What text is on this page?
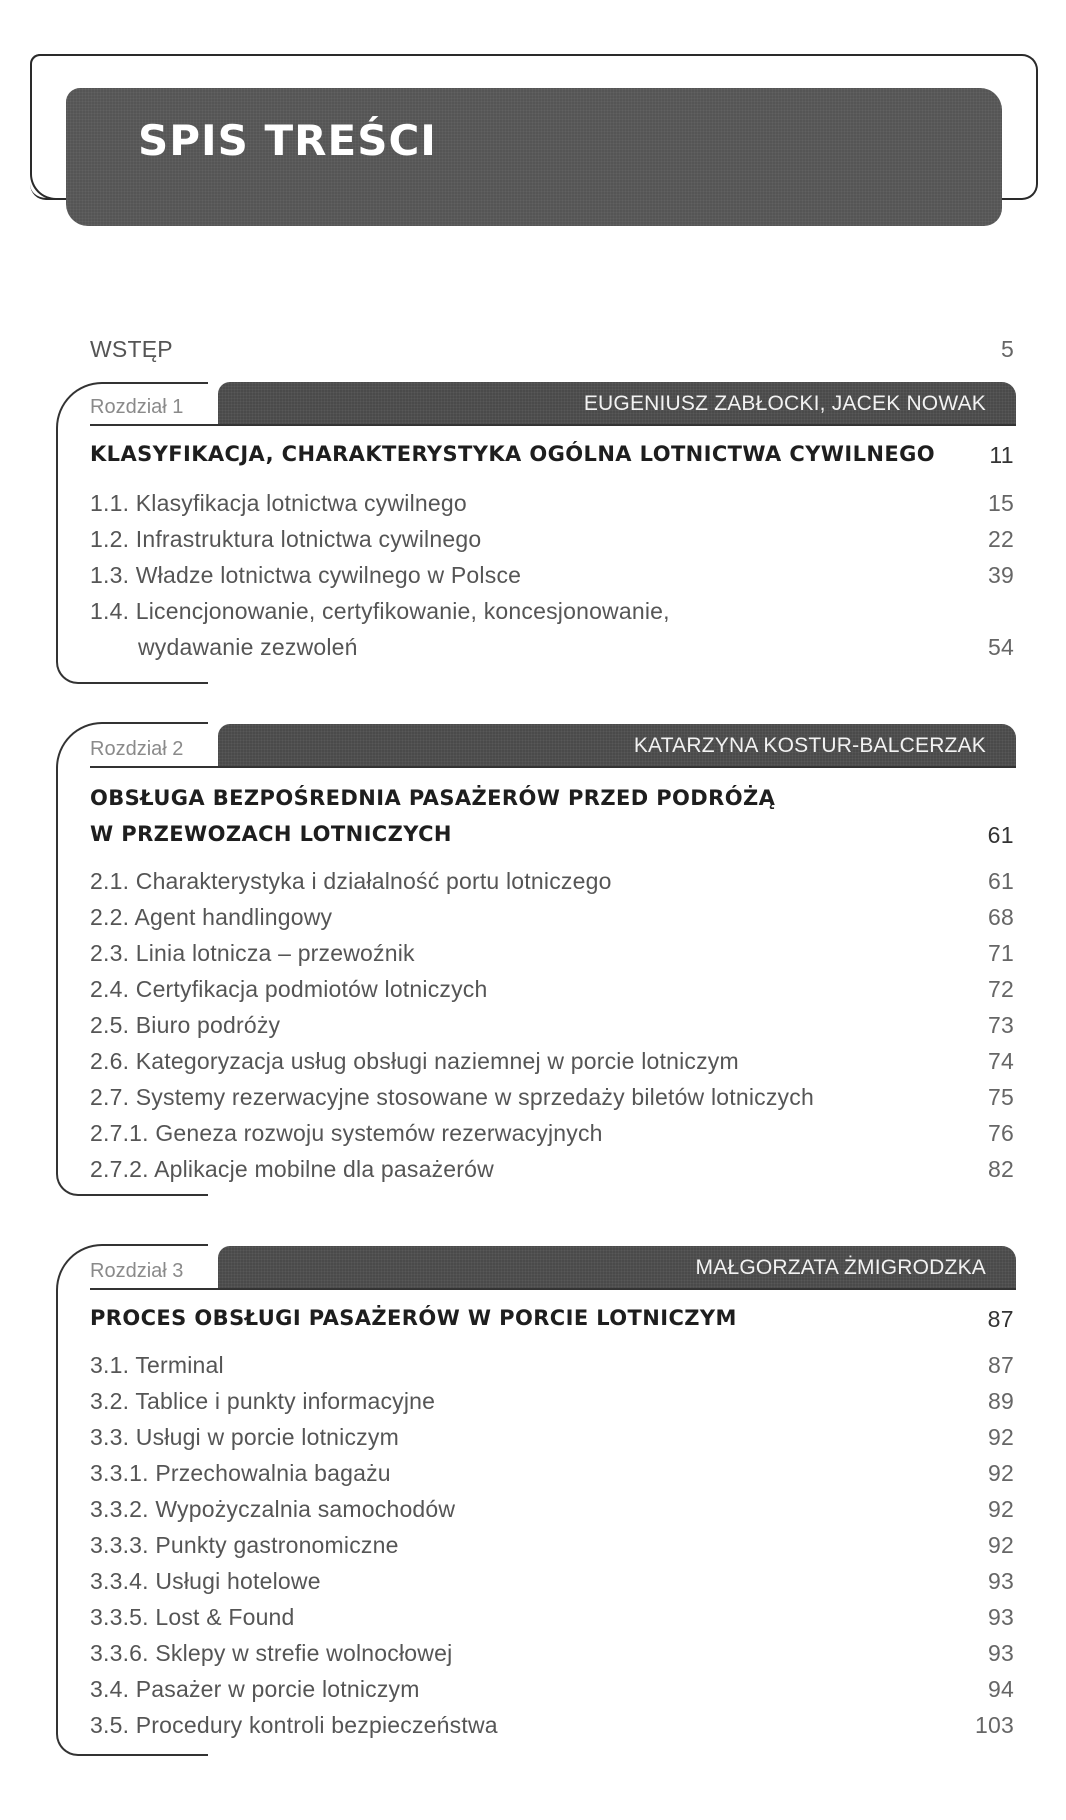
SPIS TREŚCI
WSTĘP	5
Rozdział 1	EUGENIUSZ ZABŁOCKI, JACEK NOWAK
KLASYFIKACJA, CHARAKTERYSTYKA OGÓLNA LOTNICTWA CYWILNEGO 11
1.1. Klasyfikacja lotnictwa cywilnego	15
1.2. Infrastruktura lotnictwa cywilnego	22
1.3. Władze lotnictwa cywilnego w Polsce	39
1.4. Licencjonowanie, certyfikowanie, koncesjonowanie,
wydawanie zezwoleń	54
Rozdział 2	KATARZYNA KOSTUR-BALCERZAK
OBSŁUGA BEZPOŚREDNIA PASAŻERÓW PRZED PODRÓŻĄ
W PRZEWOZACH LOTNICZYCH	61
2.1. Charakterystyka i działalność portu lotniczego	61
2.2. Agent handlingowy	68
2.3. Linia lotnicza – przewoźnik	71
2.4. Certyfikacja podmiotów lotniczych	72
2.5. Biuro podróży	73
2.6. Kategoryzacja usług obsługi naziemnej w porcie lotniczym	74
2.7. Systemy rezerwacyjne stosowane w sprzedaży biletów lotniczych	75
2.7.1. Geneza rozwoju systemów rezerwacyjnych	76
2.7.2. Aplikacje mobilne dla pasażerów	82
Rozdział 3	MAŁGORZATA ŻMIGRODZKA
PROCES OBSŁUGI PASAŻERÓW W PORCIE LOTNICZYM	87
3.1. Terminal	87
3.2. Tablice i punkty informacyjne	89
3.3. Usługi w porcie lotniczym	92
3.3.1. Przechowalnia bagażu	92
3.3.2. Wypożyczalnia samochodów	92
3.3.3. Punkty gastronomiczne	92
3.3.4. Usługi hotelowe	93
3.3.5. Lost & Found	93
3.3.6. Sklepy w strefie wolnocłowej	93
3.4. Pasażer w porcie lotniczym	94
3.5. Procedury kontroli bezpieczeństwa	103
